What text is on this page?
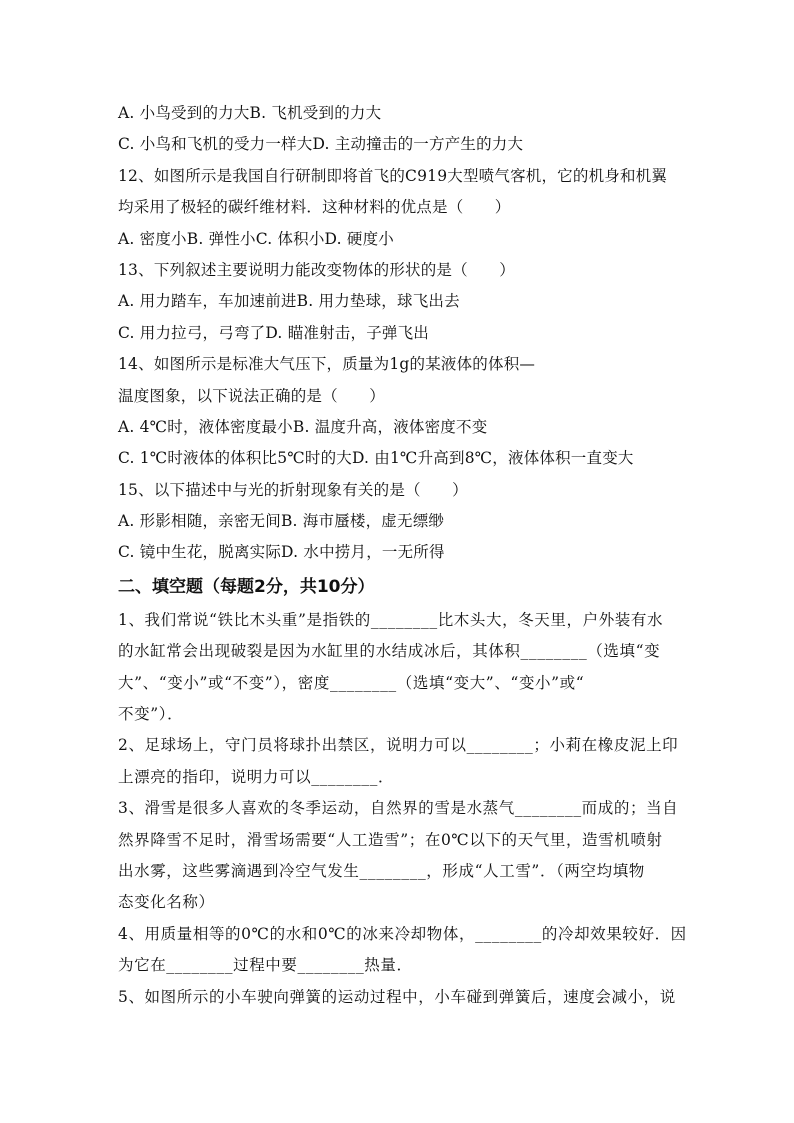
A. 小鸟受到的力大B. 飞机受到的力大
C. 小鸟和飞机的受力一样大D. 主动撞击的一方产生的力大
12、如图所示是我国自行研制即将首飞的C919大型喷气客机，它的机身和机翼
均采用了极轻的碳纤维材料．这种材料的优点是（　　）
A. 密度小B. 弹性小C. 体积小D. 硬度小
13、下列叙述主要说明力能改变物体的形状的是（　　）
A. 用力踏车，车加速前进B. 用力垫球，球飞出去
C. 用力拉弓，弓弯了D. 瞄准射击，子弹飞出
14、如图所示是标准大气压下，质量为1g的某液体的体积—
温度图象，以下说法正确的是（　　）
A. 4℃时，液体密度最小B. 温度升高，液体密度不变
C. 1℃时液体的体积比5℃时的大D. 由1℃升高到8℃，液体体积一直变大
15、以下描述中与光的折射现象有关的是（　　）
A. 形影相随，亲密无间B. 海市蜃楼，虚无缥缈
C. 镜中生花，脱离实际D. 水中捞月，一无所得
二、填空题（每题2分，共10分）
1、我们常说“铁比木头重”是指铁的________比木头大，冬天里，户外装有水
的水缸常会出现破裂是因为水缸里的水结成冰后，其体积________（选填“变
大”、“变小”或“不变”），密度________（选填“变大”、“变小”或“
不变”）．
2、足球场上，守门员将球扑出禁区，说明力可以________；小莉在橡皮泥上印
上漂亮的指印，说明力可以________．
3、滑雪是很多人喜欢的冬季运动，自然界的雪是水蒸气________而成的；当自
然界降雪不足时，滑雪场需要“人工造雪”；在0℃以下的天气里，造雪机喷射
出水雾，这些雾滴遇到冷空气发生________，形成“人工雪”．（两空均填物
态变化名称）
4、用质量相等的0℃的水和0℃的冰来冷却物体，________的冷却效果较好．因
为它在________过程中要________热量．
5、如图所示的小车驶向弹簧的运动过程中，小车碰到弹簧后，速度会减小，说
